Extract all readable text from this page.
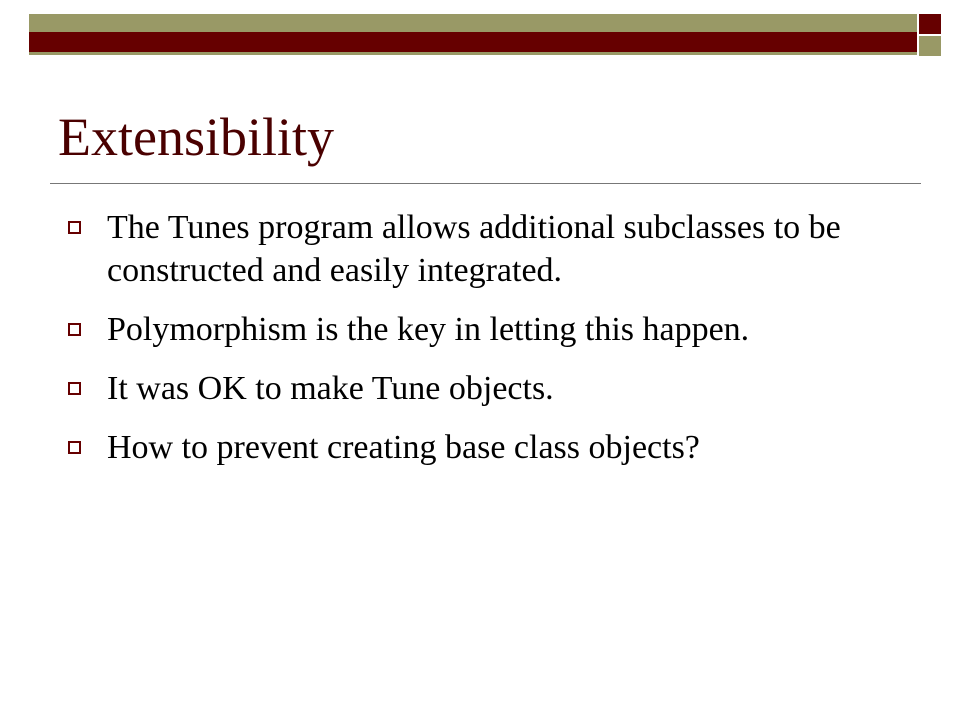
Extensibility
The Tunes program allows additional subclasses to be constructed and easily integrated.
Polymorphism is the key in letting this happen.
It was OK to make Tune objects.
How to prevent creating base class objects?
